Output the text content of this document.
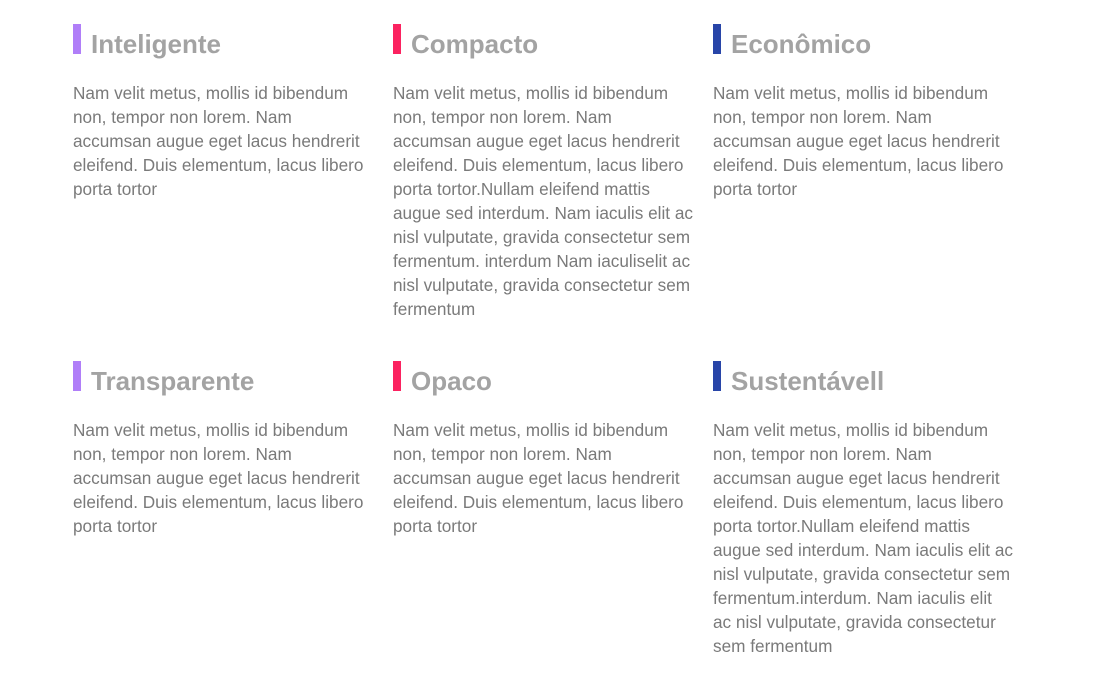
Inteligente

Nam velit metus, mollis id bibendum non, tempor non lorem. Nam accumsan augue eget lacus hendrerit eleifend. Duis elementum, lacus libero porta tortor

Compacto

Nam velit metus, mollis id bibendum non, tempor non lorem. Nam accumsan augue eget lacus hendrerit eleifend. Duis elementum, lacus libero porta tortor.Nullam eleifend mattis augue sed interdum. Nam iaculis elit ac nisl vulputate, gravida consectetur sem fermentum. interdum Nam iaculiselit ac nisl vulputate, gravida consectetur sem fermentum

Econômico

Nam velit metus, mollis id bibendum non, tempor non lorem. Nam accumsan augue eget lacus hendrerit eleifend. Duis elementum, lacus libero porta tortor

Transparente

Nam velit metus, mollis id bibendum non, tempor non lorem. Nam accumsan augue eget lacus hendrerit eleifend. Duis elementum, lacus libero porta tortor

Opaco

Nam velit metus, mollis id bibendum non, tempor non lorem. Nam accumsan augue eget lacus hendrerit eleifend. Duis elementum, lacus libero porta tortor

Sustentávell

Nam velit metus, mollis id bibendum non, tempor non lorem. Nam accumsan augue eget lacus hendrerit eleifend. Duis elementum, lacus libero porta tortor.Nullam eleifend mattis augue sed interdum. Nam iaculis elit ac nisl vulputate, gravida consectetur sem fermentum.interdum. Nam iaculis elit ac nisl vulputate, gravida consectetur sem fermentum
